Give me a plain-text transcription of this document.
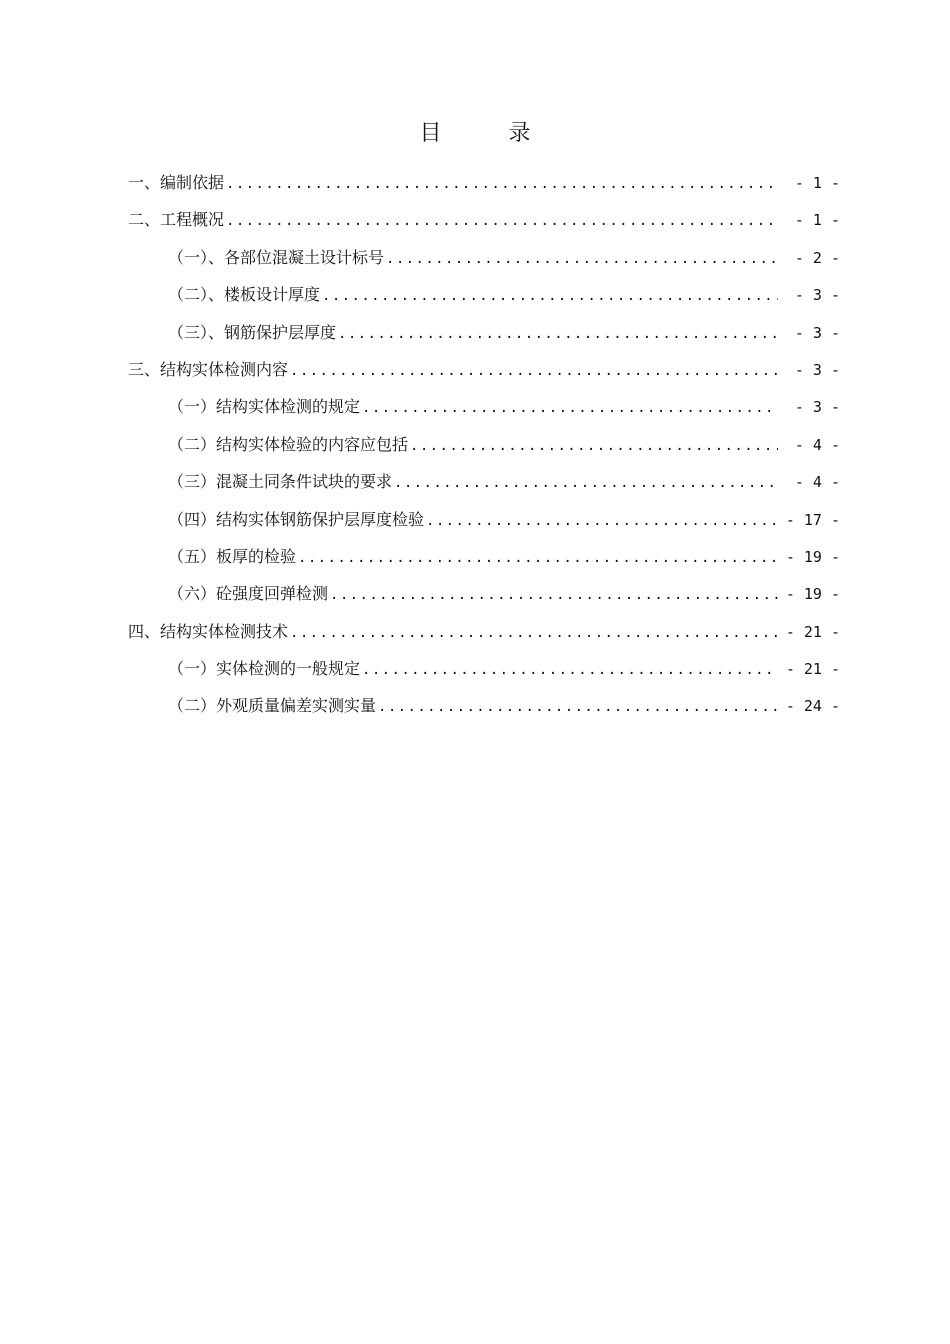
目 录
一、编制依据 .....	- 1 -
二、工程概况 .....	- 1 -
（一）、各部位混凝土设计标号 .....	- 2 -
（二）、楼板设计厚度 .....	- 3 -
（三）、钢筋保护层厚度 .....	- 3 -
三、结构实体检测内容 .....	- 3 -
（一）结构实体检测的规定 .....	- 3 -
（二）结构实体检验的内容应包括 .....	- 4 -
（三）混凝土同条件试块的要求 .....	- 4 -
（四）结构实体钢筋保护层厚度检验 .....	- 17 -
（五）板厚的检验 .....	- 19 -
（六）砼强度回弹检测 .....	- 19 -
四、结构实体检测技术 .....	- 21 -
（一）实体检测的一般规定 .....	- 21 -
（二）外观质量偏差实测实量 .....	- 24 -
